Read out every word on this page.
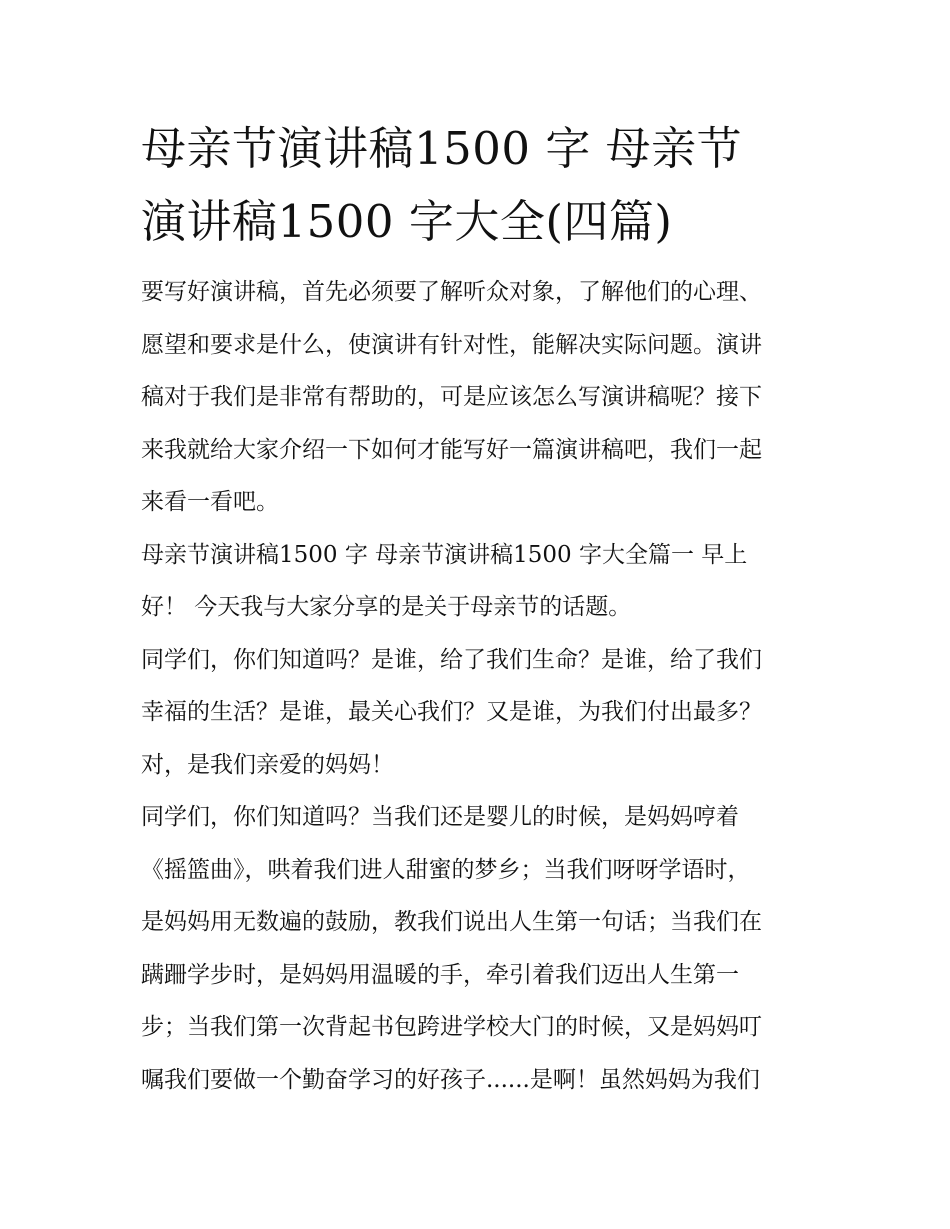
母亲节演讲稿1500 字 母亲节
演讲稿1500 字大全(四篇)

要写好演讲稿，首先必须要了解听众对象，了解他们的心理、
愿望和要求是什么，使演讲有针对性，能解决实际问题。演讲
稿对于我们是非常有帮助的，可是应该怎么写演讲稿呢？接下
来我就给大家介绍一下如何才能写好一篇演讲稿吧，我们一起
来看一看吧。

母亲节演讲稿1500 字 母亲节演讲稿1500 字大全篇一 早上
好！ 今天我与大家分享的是关于母亲节的话题。

同学们，你们知道吗？是谁，给了我们生命？是谁，给了我们
幸福的生活？是谁，最关心我们？又是谁，为我们付出最多？
对，是我们亲爱的妈妈！

同学们，你们知道吗？当我们还是婴儿的时候，是妈妈哼着
《摇篮曲》，哄着我们进人甜蜜的梦乡；当我们呀呀学语时，
是妈妈用无数遍的鼓励，教我们说出人生第一句话；当我们在
蹒跚学步时，是妈妈用温暖的手，牵引着我们迈出人生第一
步；当我们第一次背起书包跨进学校大门的时候，又是妈妈叮
嘱我们要做一个勤奋学习的好孩子......是啊！虽然妈妈为我们
